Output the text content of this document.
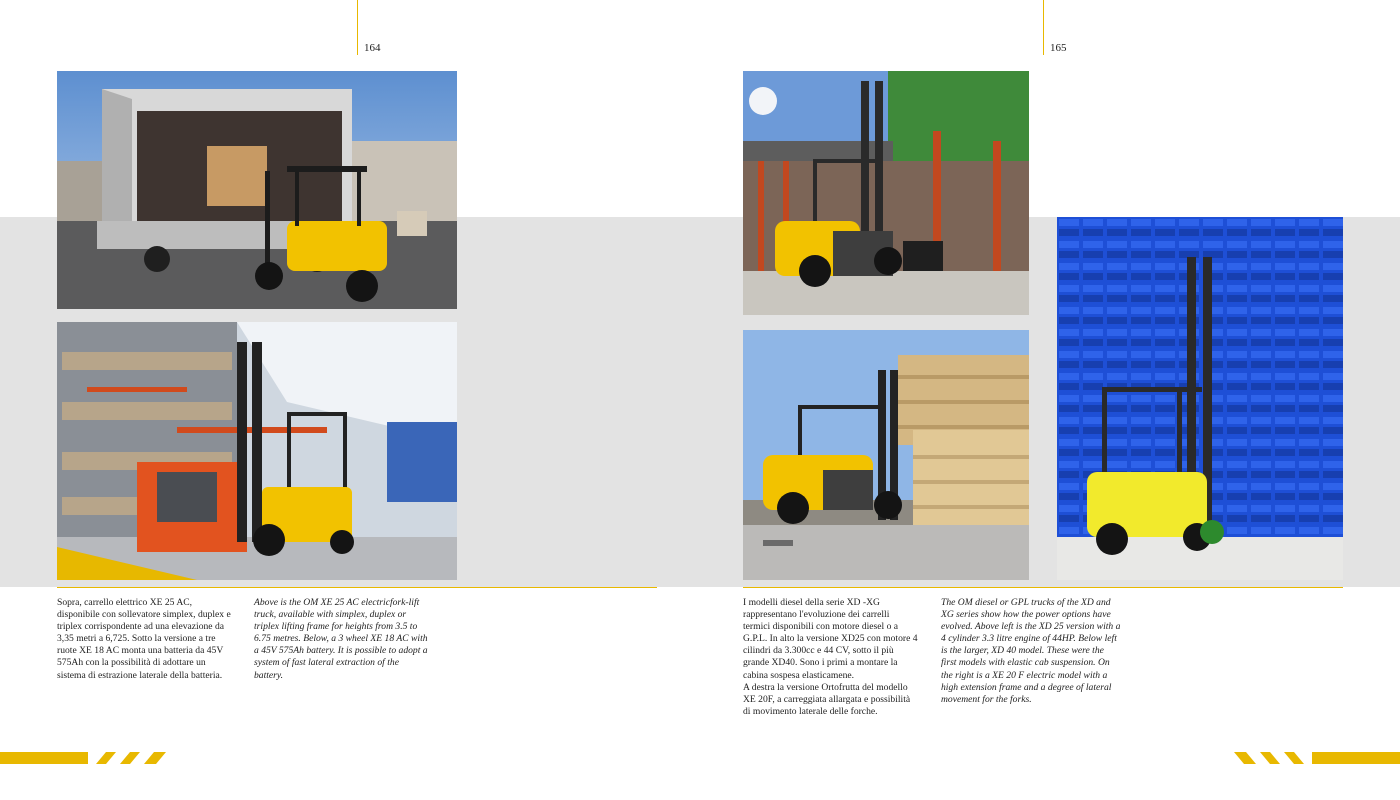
164	165

Sopra, carrello elettrico XE 25 AC, disponibile con sollevatore simplex, duplex e triplex corrispondente ad una elevazione da 3,35 metri a 6,725. Sotto la versione a tre ruote XE 18 AC monta una batteria da 45V 575Ah con la possibilità di adottare un sistema di estrazione laterale della batteria.

Above is the OM XE 25 AC electricfork-lift truck, available with simplex, duplex or triplex lifting frame for heights from 3.5 to 6.75 metres. Below, a 3 wheel XE 18 AC with a 45V 575Ah battery. It is possible to adopt a system of fast lateral extraction of the battery.

I modelli diesel della serie XD -XG rappresentano l'evoluzione dei carrelli termici disponibili con motore diesel o a G.P.L. In alto la versione XD25 con motore 4 cilindri da 3.300cc e 44 CV, sotto il più grande XD40. Sono i primi a montare la cabina sospesa elasticamene.

A destra la versione Ortofrutta del modello XE 20F, a carreggiata allargata e possibilità di movimento laterale delle forche.

The OM diesel or GPL trucks of the XD and XG series show how the power options have evolved. Above left is the XD 25 version with a 4 cylinder 3.3 litre engine of 44HP. Below left is the larger, XD 40 model. These were the first models with elastic cab suspension. On the right is a XE 20 F electric model with a high extension frame and a degree of lateral movement for the forks.
